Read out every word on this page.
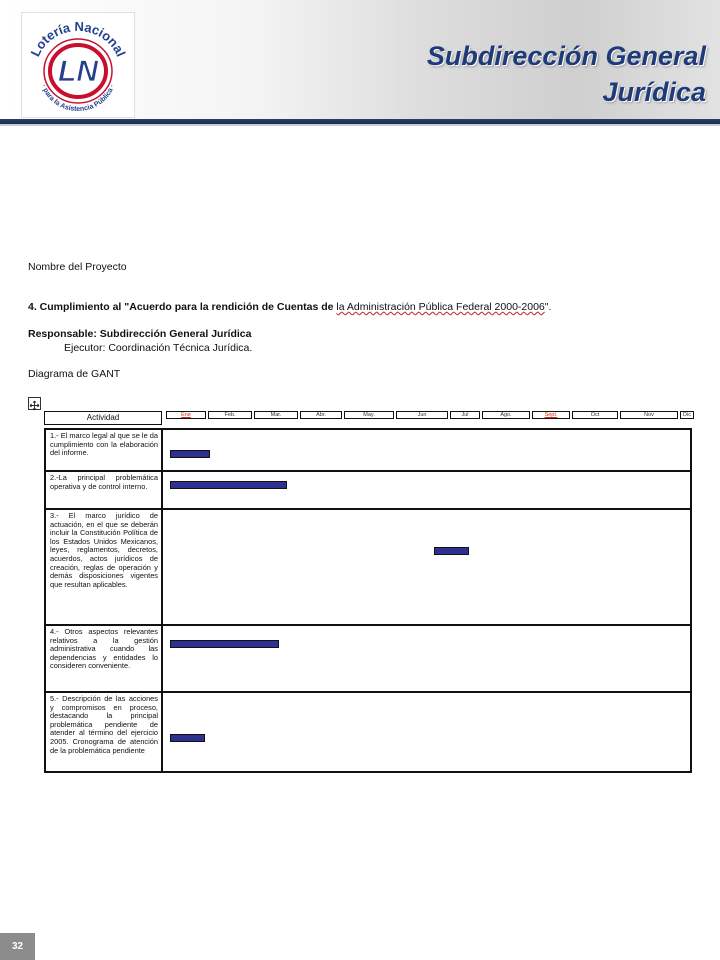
Lotería Nacional
· para la Asistencia Pública ·
LN	Subdirección General
Jurídica
Nombre del Proyecto
4. Cumplimiento al "Acuerdo para la rendición de Cuentas de la Administración Pública Federal 2000-2006".
Responsable: Subdirección General Jurídica
Ejecutor: Coordinación Técnica Jurídica.
Diagrama de GANT
Actividad	Ene	Feb.	Mar.	Abr.	May.	Jun	Jul	Ago.	Sept.	Oct	Nov	Dic
1.- El marco legal al que se le da cumplimiento con la elaboración del informe.
2.-La principal problemática operativa y de control interno.
3.- El marco jurídico de actuación, en el que se deberán incluir la Constitución Política de los Estados Unidos Mexicanos, leyes, reglamentos, decretos, acuerdos, actos jurídicos de creación, reglas de operación y demás disposiciones vigentes que resultan aplicables.
4.- Otros aspectos relevantes relativos a la gestión administrativa cuando las dependencias y entidades lo consideren conveniente.
5.- Descripción de las acciones y compromisos en proceso, destacando la principal problemática pendiente de atender al término del ejercicio 2005. Cronograma de atención de la problemática pendiente
32
